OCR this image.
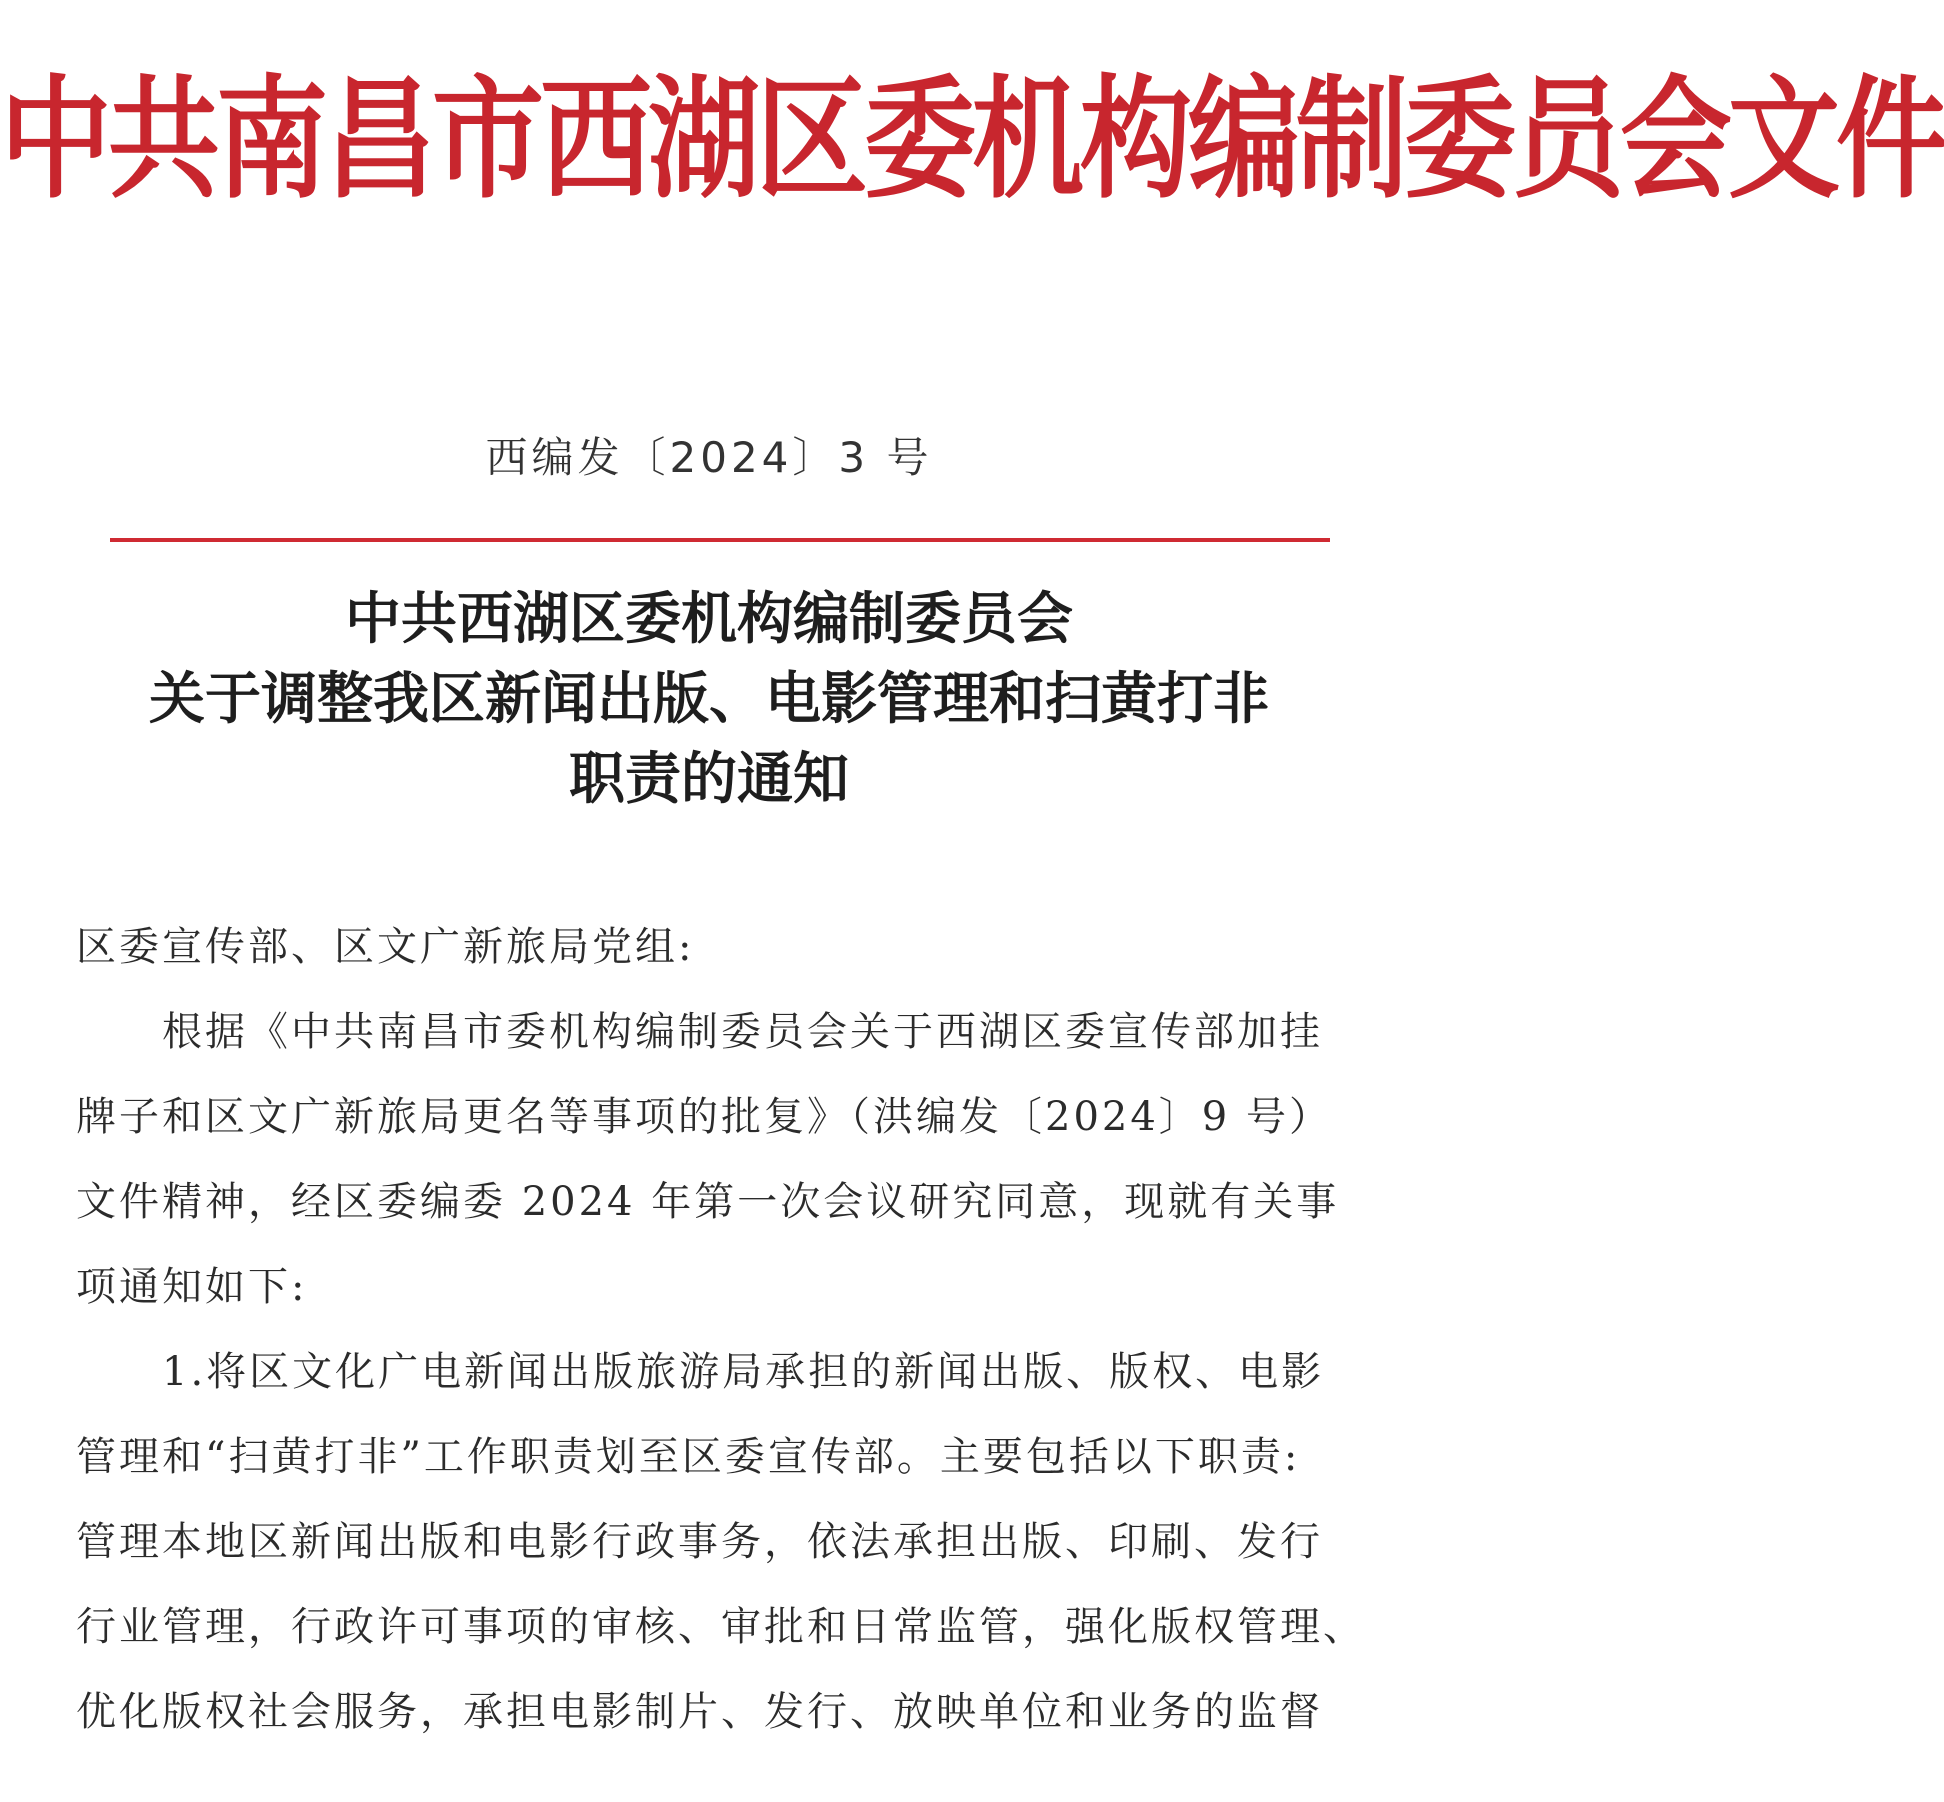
中共南昌市西湖区委机构编制委员会文件
西编发〔2024〕3 号
中共西湖区委机构编制委员会
关于调整我区新闻出版、电影管理和扫黄打非
职责的通知
区委宣传部、区文广新旅局党组:
根据《中共南昌市委机构编制委员会关于西湖区委宣传部加挂
牌子和区文广新旅局更名等事项的批复》（洪编发〔2024〕9 号）
文件精神，经区委编委 2024 年第一次会议研究同意，现就有关事
项通知如下:
1.将区文化广电新闻出版旅游局承担的新闻出版、版权、电影
管理和“扫黄打非”工作职责划至区委宣传部。主要包括以下职责:
管理本地区新闻出版和电影行政事务，依法承担出版、印刷、发行
行业管理，行政许可事项的审核、审批和日常监管，强化版权管理、
优化版权社会服务，承担电影制片、发行、放映单位和业务的监督
